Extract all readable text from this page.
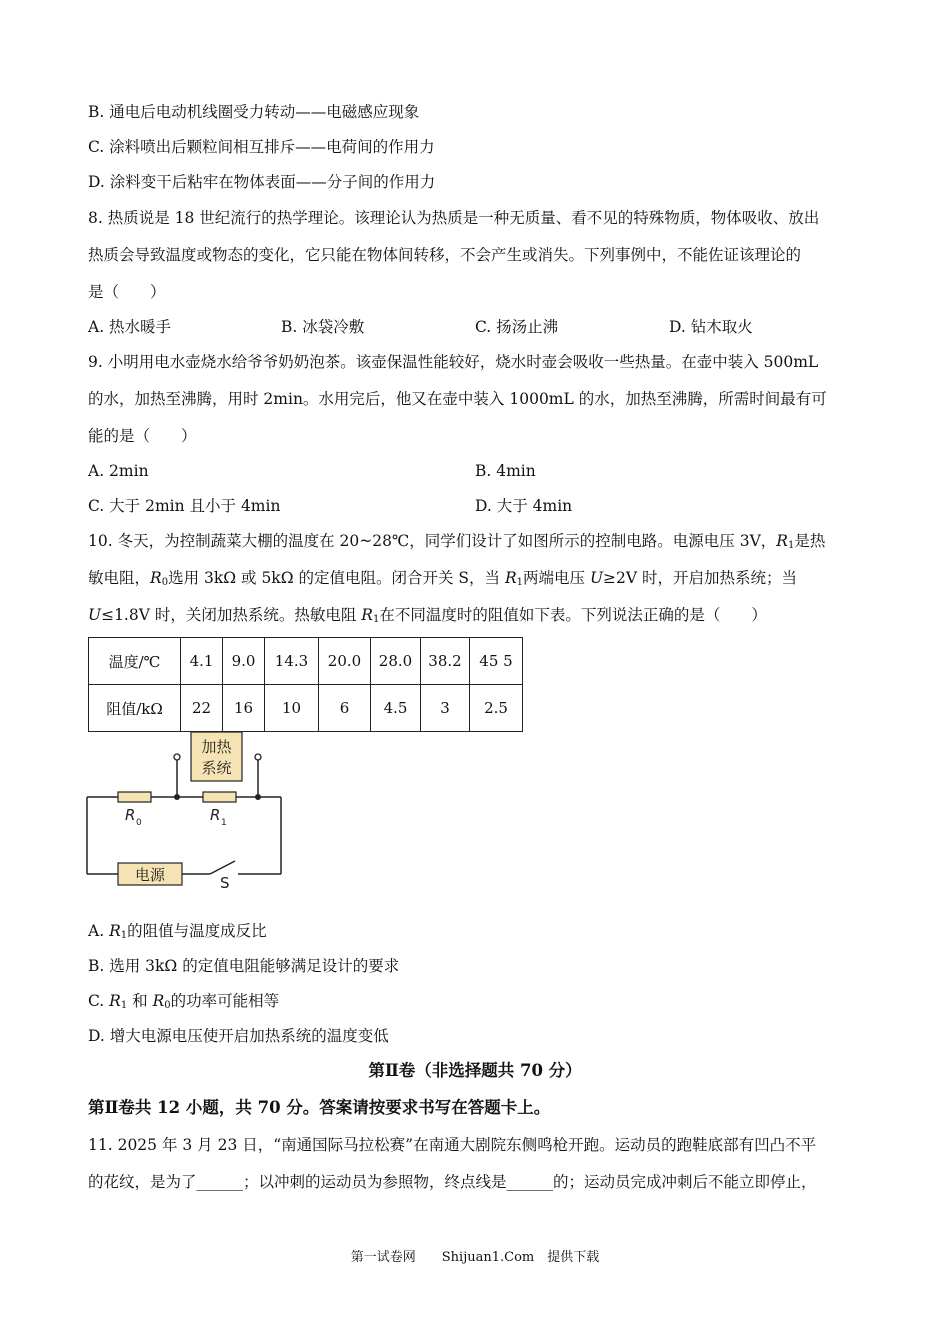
B. 通电后电动机线圈受力转动——电磁感应现象
C. 涂料喷出后颗粒间相互排斥——电荷间的作用力
D. 涂料变干后粘牢在物体表面——分子间的作用力
8. 热质说是 18 世纪流行的热学理论。该理论认为热质是一种无质量、看不见的特殊物质，物体吸收、放出
热质会导致温度或物态的变化，它只能在物体间转移，不会产生或消失。下列事例中，不能佐证该理论的
是（　　）
A. 热水暖手	B. 冰袋冷敷	C. 扬汤止沸	D. 钻木取火
9. 小明用电水壶烧水给爷爷奶奶泡茶。该壶保温性能较好，烧水时壶会吸收一些热量。在壶中装入 500mL
的水，加热至沸腾，用时 2min。水用完后，他又在壶中装入 1000mL 的水，加热至沸腾，所需时间最有可
能的是（　　）
A. 2min	B. 4min
C. 大于 2min 且小于 4min	D. 大于 4min
10. 冬天，为控制蔬菜大棚的温度在 20~28℃，同学们设计了如图所示的控制电路。电源电压 3V，$R_1$是热
敏电阻，$R_0$选用 3kΩ 或 5kΩ 的定值电阻。闭合开关 S，当 $R_1$两端电压 U≥2V 时，开启加热系统；当
U≤1.8V 时，关闭加热系统。热敏电阻 $R_1$在不同温度时的阻值如下表。下列说法正确的是（　　）
温度/℃	4.1	9.0	14.3	20.0	28.0	38.2	45 5
阻值/kΩ	22	16	10	6	4.5	3	2.5
加热
系统
R 0	R 1
电源	S
A. $R_1$的阻值与温度成反比
B. 选用 3kΩ 的定值电阻能够满足设计的要求
C. $R_1$ 和 $R_0$的功率可能相等
D. 增大电源电压使开启加热系统的温度变低
第Ⅱ卷（非选择题共 70 分）
第Ⅱ卷共 12 小题，共 70 分。答案请按要求书写在答题卡上。
11. 2025 年 3 月 23 日，“南通国际马拉松赛”在南通大剧院东侧鸣枪开跑。运动员的跑鞋底部有凹凸不平
的花纹，是为了______；以冲刺的运动员为参照物，终点线是______的；运动员完成冲刺后不能立即停止，
第一试卷网　　Shijuan1.Com　提供下载
